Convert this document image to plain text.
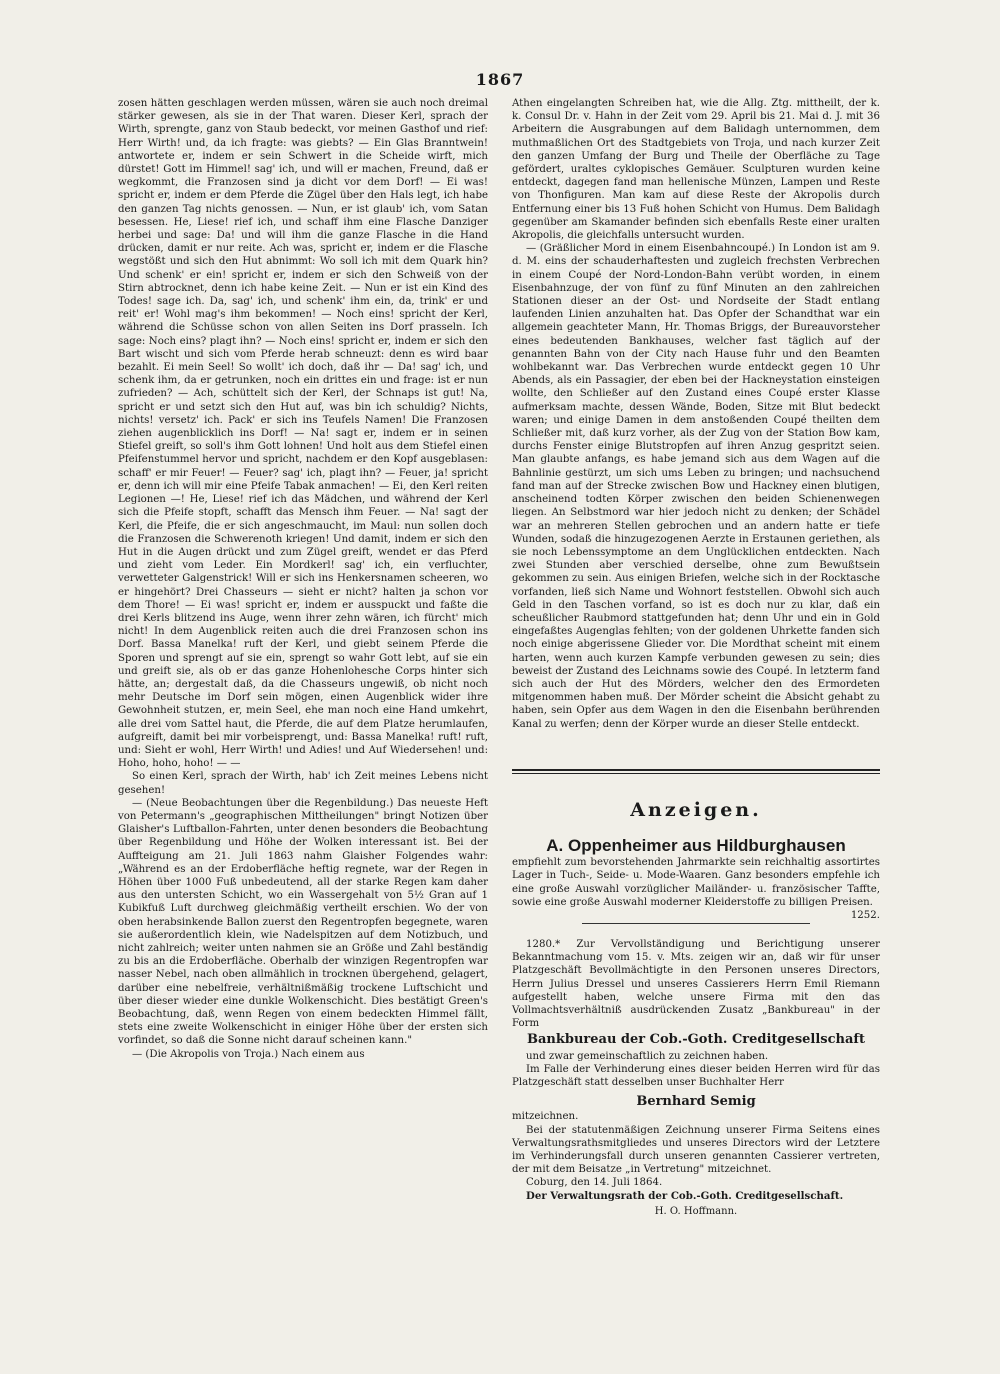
1867

zosen hätten geschlagen werden müssen, wären sie auch noch dreimal stärker gewesen, als sie in der That waren. Dieser Kerl, sprach der Wirth, sprengte, ganz von Staub bedeckt, vor meinen Gasthof und rief: Herr Wirth! und, da ich fragte: was giebts? — Ein Glas Branntwein! antwortete er, indem er sein Schwert in die Scheide wirft, mich dürstet! Gott im Himmel! sag' ich, und will er machen, Freund, daß er wegkommt, die Franzosen sind ja dicht vor dem Dorf! — Ei was! spricht er, indem er dem Pferde die Zügel über den Hals legt, ich habe den ganzen Tag nichts genossen. — Nun, er ist glaub' ich, vom Satan besessen. He, Liese! rief ich, und schaff ihm eine Flasche Danziger herbei und sage: Da! und will ihm die ganze Flasche in die Hand drücken, damit er nur reite. Ach was, spricht er, indem er die Flasche wegstößt und sich den Hut abnimmt: Wo soll ich mit dem Quark hin? Und schenk' er ein! spricht er, indem er sich den Schweiß von der Stirn abtrocknet, denn ich habe keine Zeit. — Nun er ist ein Kind des Todes! sage ich. Da, sag' ich, und schenk' ihm ein, da, trink' er und reit' er! Wohl mag's ihm bekommen! — Noch eins! spricht der Kerl, während die Schüsse schon von allen Seiten ins Dorf prasseln. Ich sage: Noch eins? plagt ihn? — Noch eins! spricht er, indem er sich den Bart wischt und sich vom Pferde herab schneuzt: denn es wird baar bezahlt. Ei mein Seel! So wollt' ich doch, daß ihr — Da! sag' ich, und schenk ihm, da er getrunken, noch ein drittes ein und frage: ist er nun zufrieden? — Ach, schüttelt sich der Kerl, der Schnaps ist gut! Na, spricht er und setzt sich den Hut auf, was bin ich schuldig? Nichts, nichts! versetz' ich. Pack' er sich ins Teufels Namen! Die Franzosen ziehen augenblicklich ins Dorf! — Na! sagt er, indem er in seinen Stiefel greift, so soll's ihm Gott lohnen! Und holt aus dem Stiefel einen Pfeifenstummel hervor und spricht, nachdem er den Kopf ausgeblasen: schaff' er mir Feuer! — Feuer? sag' ich, plagt ihn? — Feuer, ja! spricht er, denn ich will mir eine Pfeife Tabak anmachen! — Ei, den Kerl reiten Legionen —! He, Liese! rief ich das Mädchen, und während der Kerl sich die Pfeife stopft, schafft das Mensch ihm Feuer. — Na! sagt der Kerl, die Pfeife, die er sich angeschmaucht, im Maul: nun sollen doch die Franzosen die Schwerenoth kriegen! Und damit, indem er sich den Hut in die Augen drückt und zum Zügel greift, wendet er das Pferd und zieht vom Leder. Ein Mordkerl! sag' ich, ein verfluchter, verwetteter Galgenstrick! Will er sich ins Henkersnamen scheeren, wo er hingehört? Drei Chasseurs — sieht er nicht? halten ja schon vor dem Thore! — Ei was! spricht er, indem er ausspuckt und faßte die drei Kerls blitzend ins Auge, wenn ihrer zehn wären, ich fürcht' mich nicht! In dem Augenblick reiten auch die drei Franzosen schon ins Dorf. Bassa Manelka! ruft der Kerl, und giebt seinem Pferde die Sporen und sprengt auf sie ein, sprengt so wahr Gott lebt, auf sie ein und greift sie, als ob er das ganze Hohenlohesche Corps hinter sich hätte, an; dergestalt daß, da die Chasseurs ungewiß, ob nicht noch mehr Deutsche im Dorf sein mögen, einen Augenblick wider ihre Gewohnheit stutzen, er, mein Seel, ehe man noch eine Hand umkehrt, alle drei vom Sattel haut, die Pferde, die auf dem Platze herumlaufen, aufgreift, damit bei mir vorbeisprengt, und: Bassa Manelka! ruft! ruft, und: Sieht er wohl, Herr Wirth! und Adies! und Auf Wiedersehen! und: Hoho, hoho, hoho! — —

So einen Kerl, sprach der Wirth, hab' ich Zeit meines Lebens nicht gesehen!

— (Neue Beobachtungen über die Regenbildung.) Das neueste Heft von Petermann's „geographischen Mittheilungen" bringt Notizen über Glaisher's Luftballon-Fahrten, unter denen besonders die Beobachtung über Regenbildung und Höhe der Wolken interessant ist. Bei der Auffteigung am 21. Juli 1863 nahm Glaisher Folgendes wahr: „Während es an der Erdoberfläche heftig regnete, war der Regen in Höhen über 1000 Fuß unbedeutend, all der starke Regen kam daher aus den untersten Schicht, wo ein Wassergehalt von 5½ Gran auf 1 Kubikfuß Luft durchweg gleichmäßig vertheilt erschien. Wo der von oben herabsinkende Ballon zuerst den Regentropfen begegnete, waren sie außerordentlich klein, wie Nadelspitzen auf dem Notizbuch, und nicht zahlreich; weiter unten nahmen sie an Größe und Zahl beständig zu bis an die Erdoberfläche. Oberhalb der winzigen Regentropfen war nasser Nebel, nach oben allmählich in trocknen übergehend, gelagert, darüber eine nebelfreie, verhältnißmäßig trockene Luftschicht und über dieser wieder eine dunkle Wolkenschicht. Dies bestätigt Green's Beobachtung, daß, wenn Regen von einem bedeckten Himmel fällt, stets eine zweite Wolkenschicht in einiger Höhe über der ersten sich vorfindet, so daß die Sonne nicht darauf scheinen kann."

— (Die Akropolis von Troja.) Nach einem aus

Athen eingelangten Schreiben hat, wie die Allg. Ztg. mittheilt, der k. k. Consul Dr. v. Hahn in der Zeit vom 29. April bis 21. Mai d. J. mit 36 Arbeitern die Ausgrabungen auf dem Balidagh unternommen, dem muthmaßlichen Ort des Stadtgebiets von Troja, und nach kurzer Zeit den ganzen Umfang der Burg und Theile der Oberfläche zu Tage gefördert, uraltes cyklopisches Gemäuer. Sculpturen wurden keine entdeckt, dagegen fand man hellenische Münzen, Lampen und Reste von Thonfiguren. Man kam auf diese Reste der Akropolis durch Entfernung einer bis 13 Fuß hohen Schicht von Humus. Dem Balidagh gegenüber am Skamander befinden sich ebenfalls Reste einer uralten Akropolis, die gleichfalls untersucht wurden.

— (Gräßlicher Mord in einem Eisenbahncoupé.) In London ist am 9. d. M. eins der schauderhaftesten und zugleich frechsten Verbrechen in einem Coupé der Nord-London-Bahn verübt worden, in einem Eisenbahnzuge, der von fünf zu fünf Minuten an den zahlreichen Stationen dieser an der Ost- und Nordseite der Stadt entlang laufenden Linien anzuhalten hat. Das Opfer der Schandthat war ein allgemein geachteter Mann, Hr. Thomas Briggs, der Bureauvorsteher eines bedeutenden Bankhauses, welcher fast täglich auf der genannten Bahn von der City nach Hause fuhr und den Beamten wohlbekannt war. Das Verbrechen wurde entdeckt gegen 10 Uhr Abends, als ein Passagier, der eben bei der Hackneystation einsteigen wollte, den Schließer auf den Zustand eines Coupé erster Klasse aufmerksam machte, dessen Wände, Boden, Sitze mit Blut bedeckt waren; und einige Damen in dem anstoßenden Coupé theilten dem Schließer mit, daß kurz vorher, als der Zug von der Station Bow kam, durchs Fenster einige Blutstropfen auf ihren Anzug gespritzt seien. Man glaubte anfangs, es habe jemand sich aus dem Wagen auf die Bahnlinie gestürzt, um sich ums Leben zu bringen; und nachsuchend fand man auf der Strecke zwischen Bow und Hackney einen blutigen, anscheinend todten Körper zwischen den beiden Schienenwegen liegen. An Selbstmord war hier jedoch nicht zu denken; der Schädel war an mehreren Stellen gebrochen und an andern hatte er tiefe Wunden, sodaß die hinzugezogenen Aerzte in Erstaunen geriethen, als sie noch Lebenssymptome an dem Unglücklichen entdeckten. Nach zwei Stunden aber verschied derselbe, ohne zum Bewußtsein gekommen zu sein. Aus einigen Briefen, welche sich in der Rocktasche vorfanden, ließ sich Name und Wohnort feststellen. Obwohl sich auch Geld in den Taschen vorfand, so ist es doch nur zu klar, daß ein scheußlicher Raubmord stattgefunden hat; denn Uhr und ein in Gold eingefaßtes Augenglas fehlten; von der goldenen Uhrkette fanden sich noch einige abgerissene Glieder vor. Die Mordthat scheint mit einem harten, wenn auch kurzen Kampfe verbunden gewesen zu sein; dies beweist der Zustand des Leichnams sowie des Coupé. In letzterm fand sich auch der Hut des Mörders, welcher den des Ermordeten mitgenommen haben muß. Der Mörder scheint die Absicht gehabt zu haben, sein Opfer aus dem Wagen in den die Eisenbahn berührenden Kanal zu werfen; denn der Körper wurde an dieser Stelle entdeckt.

Anzeigen.
A. Oppenheimer aus Hildburghausen

empfiehlt zum bevorstehenden Jahrmarkte sein reichhaltig assortirtes Lager in Tuch-, Seide- u. Mode-Waaren. Ganz besonders empfehle ich eine große Auswahl vorzüglicher Mailänder- u. französischer Taffte, sowie eine große Auswahl moderner Kleiderstoffe zu billigen Preisen.
1252.

1280.* Zur Vervollständigung und Berichtigung unserer Bekanntmachung vom 15. v. Mts. zeigen wir an, daß wir für unser Platzgeschäft Bevollmächtigte in den Personen unseres Directors, Herrn Julius Dressel und unseres Cassierers Herrn Emil Riemann aufgestellt haben, welche unsere Firma mit den das Vollmachtsverhältniß ausdrückenden Zusatz „Bankbureau" in der Form

Bankbureau der Cob.-Goth. Creditgesellschaft

und zwar gemeinschaftlich zu zeichnen haben.

Im Falle der Verhinderung eines dieser beiden Herren wird für das Platzgeschäft statt desselben unser Buchhalter Herr

Bernhard Semig

mitzeichnen.

Bei der statutenmäßigen Zeichnung unserer Firma Seitens eines Verwaltungsrathsmitgliedes und unseres Directors wird der Letztere im Verhinderungsfall durch unseren genannten Cassierer vertreten, der mit dem Beisatze „in Vertretung" mitzeichnet.

Coburg, den 14. Juli 1864.

Der Verwaltungsrath der Cob.-Goth. Creditgesellschaft.

H. O. Hoffmann.
